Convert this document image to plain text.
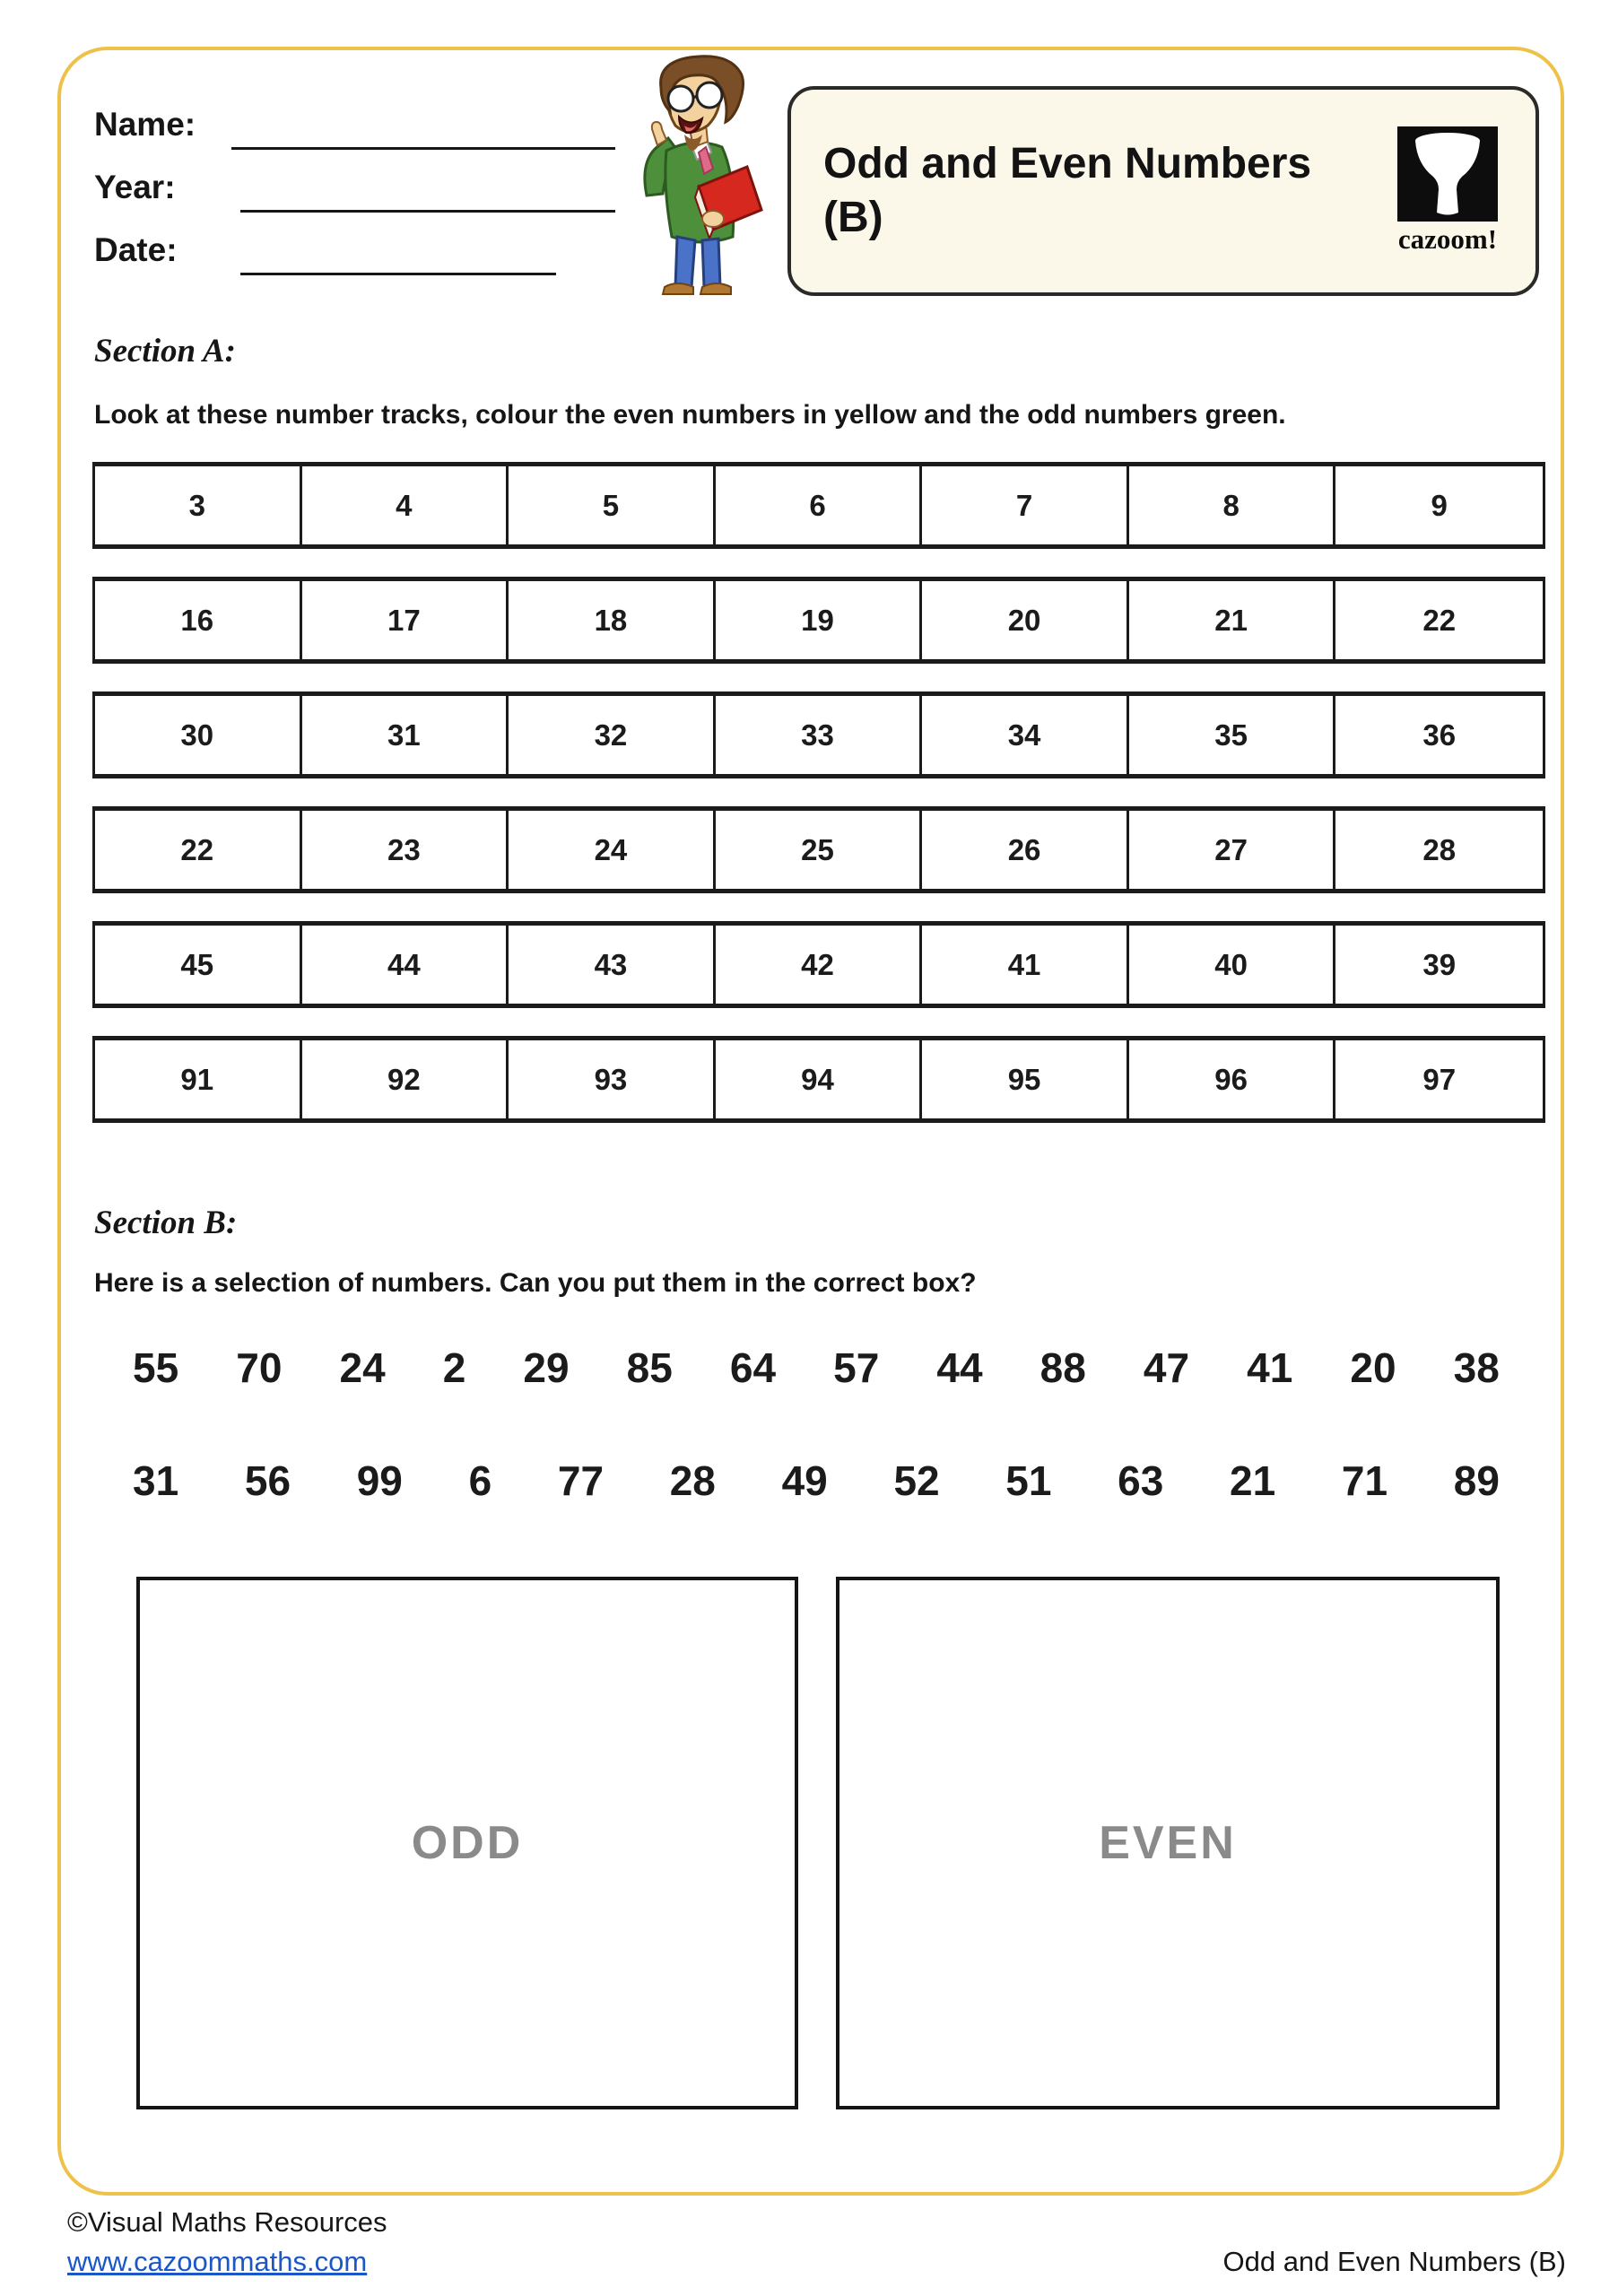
Name:
Year:
Date:
Odd and Even Numbers
(B)	cazoom!
Section A:
Look at these number tracks, colour the even numbers in yellow and the odd numbers green.
3	4	5	6	7	8	9
16	17	18	19	20	21	22
30	31	32	33	34	35	36
22	23	24	25	26	27	28
45	44	43	42	41	40	39
91	92	93	94	95	96	97
Section B:
Here is a selection of numbers. Can you put them in the correct box?
55 70 24 2 29 85 64 57 44 88 47 41 20 38
31 56 99 6 77 28 49 52 51 63 21 71 89
ODD	EVEN
©Visual Maths Resources
www.cazoommaths.com	Odd and Even Numbers (B)
